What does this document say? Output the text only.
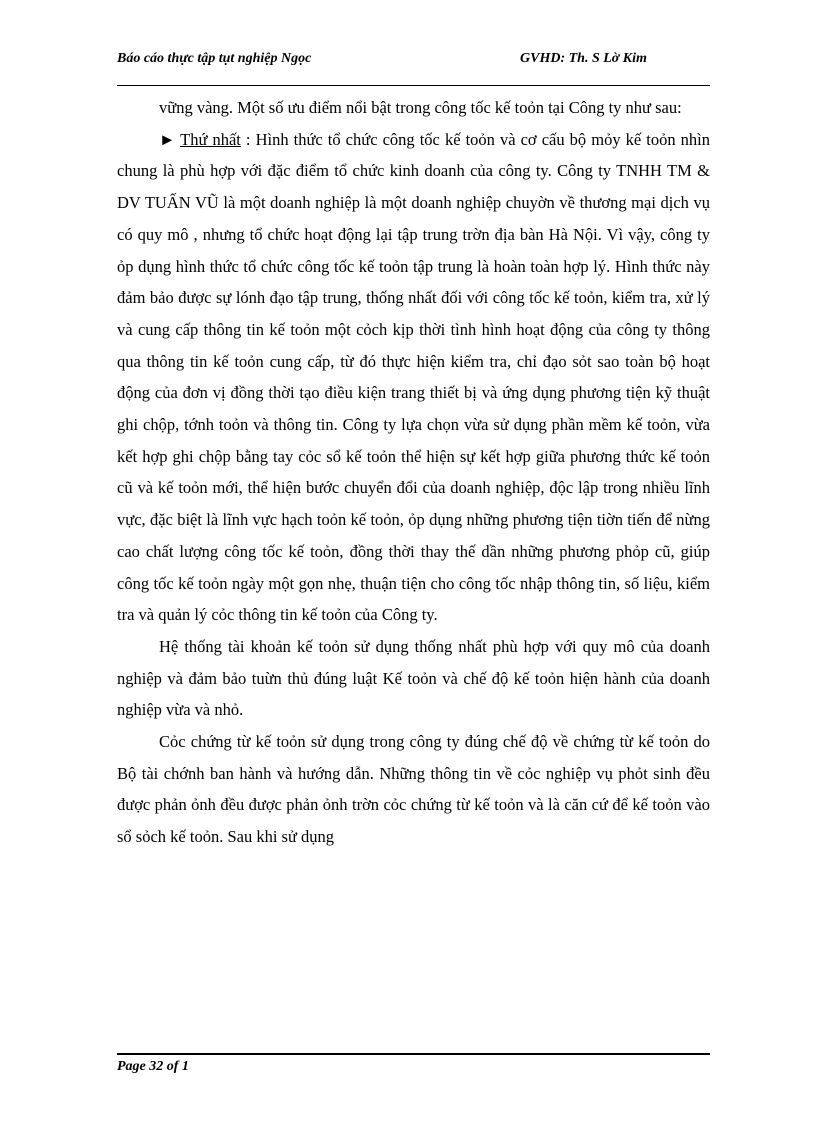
Báo cáo thực tập tụt nghiệp Ngọc	GVHD: Th. S Lờ Kim

vững vàng. Một số ưu điểm nổi bật trong công tốc kế toỏn tại Công ty như sau:

► Thứ nhất : Hình thức tổ chức công tốc kế toỏn và cơ cấu bộ mỏy kế toỏn nhìn chung là phù hợp với đặc điểm tổ chức kinh doanh của công ty. Công ty TNHH TM & DV TUẤN VŨ là một doanh nghiệp là một doanh nghiệp chuyờn về thương mại dịch vụ có quy mô , nhưng tổ chức hoạt động lại tập trung trờn địa bàn Hà Nội. Vì vậy, công ty ỏp dụng hình thức tổ chức công tốc kế toỏn tập trung là hoàn toàn hợp lý. Hình thức này đảm bảo được sự lónh đạo tập trung, thống nhất đối với công tốc kế toỏn, kiểm tra, xử lý và cung cấp thông tin kế toỏn một cỏch kịp thời tình hình hoạt động của công ty thông qua thông tin kế toỏn cung cấp, từ đó thực hiện kiểm tra, chỉ đạo sỏt sao toàn bộ hoạt động của đơn vị đồng thời tạo điều kiện trang thiết bị và ứng dụng phương tiện kỹ thuật ghi chộp, tớnh toỏn và thông tin. Công ty lựa chọn vừa sử dụng phần mềm kế toỏn, vừa kết hợp ghi chộp bằng tay cỏc sổ kế toỏn thể hiện sự kết hợp giữa phương thức kế toỏn cũ và kế toỏn mới, thể hiện bước chuyển đổi của doanh nghiệp, độc lập trong nhiều lĩnh vực, đặc biệt là lĩnh vực hạch toỏn kế toỏn, ỏp dụng những phương tiện tiờn tiến để nừng cao chất lượng công tốc kế toỏn, đồng thời thay thế dần những phương phỏp cũ, giúp công tốc kế toỏn ngày một gọn nhẹ, thuận tiện cho công tốc nhập thông tin, số liệu, kiểm tra và quản lý cỏc thông tin kế toỏn của Công ty.

Hệ thống tài khoản kế toỏn sử dụng thống nhất phù hợp với quy mô của doanh nghiệp và đảm bảo tuừn thủ đúng luật Kế toỏn và chế độ kế toỏn hiện hành của doanh nghiệp vừa và nhỏ.

Cỏc chứng từ kế toỏn sử dụng trong công ty đúng chế độ về chứng từ kế toỏn do Bộ tài chớnh ban hành và hướng dẫn. Những thông tin về cỏc nghiệp vụ phỏt sinh đều được phản ỏnh đều được phản ỏnh trờn cỏc chứng từ kế toỏn và là căn cứ để kế toỏn vào sổ sỏch kế toỏn. Sau khi sử dụng

Page 32 of 1
